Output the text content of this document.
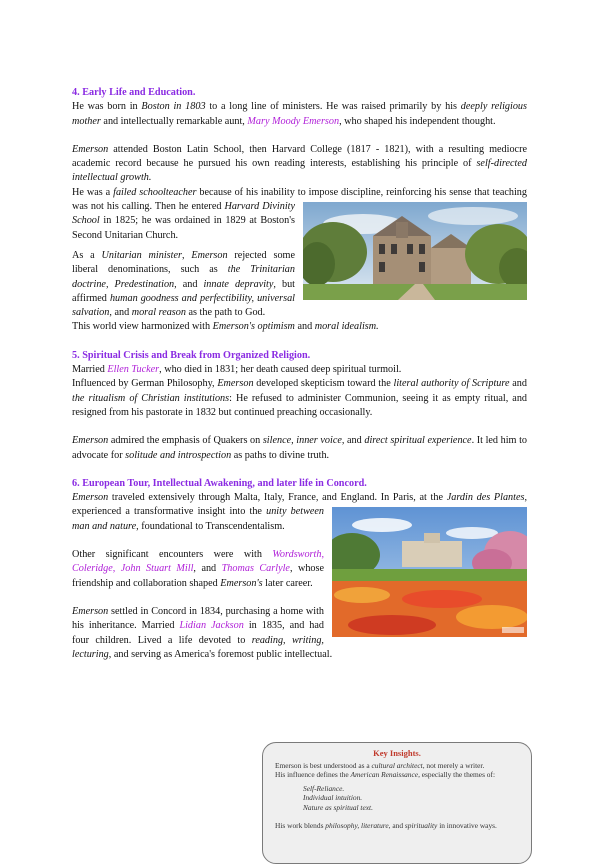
4. Early Life and Education.

He was born in Boston in 1803 to a long line of ministers. He was raised primarily by his deeply religious mother and intellectually remarkable aunt, Mary Moody Emerson, who shaped his independent thought.

Emerson attended Boston Latin School, then Harvard College (1817 - 1821), with a resulting mediocre academic record because he pursued his own reading interests, establishing his principle of self-directed intellectual growth.

He was a failed schoolteacher because of his inability to impose discipline, reinforcing his sense that teaching was not his calling. Then he entered
Harvard Divinity School in 1825; he was ordained in 1829 at Boston's Second Unitarian Church.

As a Unitarian minister, Emerson rejected some liberal denominations, such as the Trinitarian doctrine, Predestination, and innate depravity, but affirmed human goodness and perfectibility, universal salvation, and moral reason as the path to God.

This world view harmonized with Emerson's optimism and moral idealism.

5. Spiritual Crisis and Break from Organized Religion.

Married Ellen Tucker, who died in 1831; her death caused deep spiritual turmoil.

Influenced by German Philosophy, Emerson developed skepticism toward the literal authority of Scripture and the ritualism of Christian institutions: He refused to administer Communion, seeing it as empty ritual, and resigned from his pastorate in 1832 but continued preaching occasionally.

Emerson admired the emphasis of Quakers on silence, inner voice, and direct spiritual experience. It led him to advocate for solitude and introspection as paths to divine truth.

6. European Tour, Intellectual Awakening, and later life in Concord.

Emerson traveled extensively through Malta, Italy, France, and England. In Paris, at the Jardin des Plantes, experienced a transformative insight into the
unity between man and nature, foundational to Transcendentalism.

Other significant encounters were with Wordsworth, Coleridge, John Stuart Mill, and Thomas Carlyle, whose friendship and collaboration shaped Emerson's later career.

Emerson settled in Concord in 1834, purchasing a home with his inheritance. Married Lidian Jackson in 1835, and had four children. Lived a life devoted to reading, writing, lecturing, and serving as America's foremost public intellectual.

Key Insights.
Emerson is best understood as a cultural architect, not merely a writer.
His influence defines the American Renaissance, especially the themes of:
Self-Reliance.
Individual intuition.
Nature as spiritual text.
His work blends philosophy, literature, and spirituality in innovative ways.
